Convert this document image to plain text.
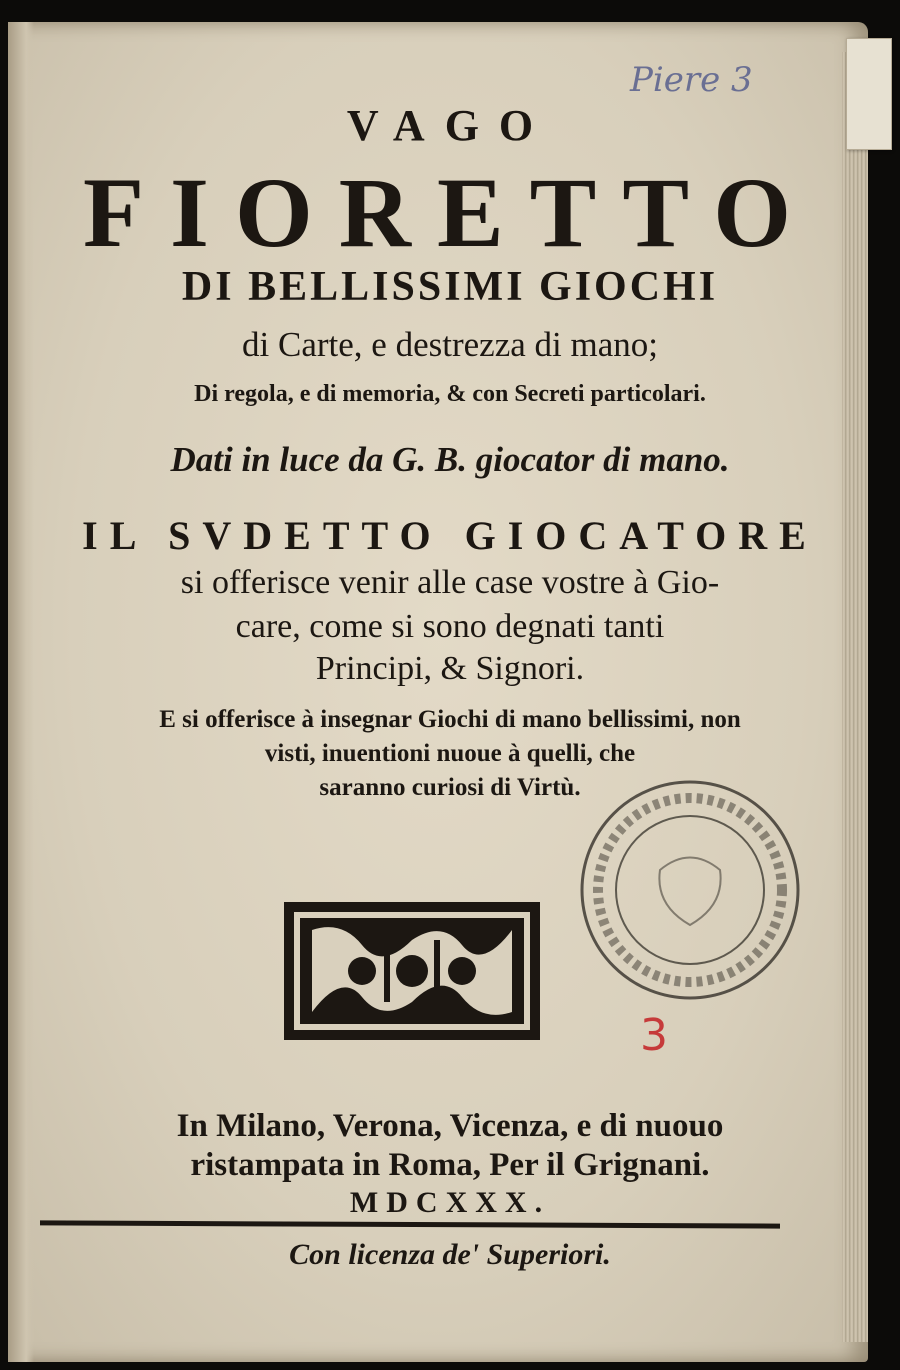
Piere 3
VAGO
FIORETTO
DI BELLISSIMI GIOCHI
di Carte, e destrezza di mano;
Di regola, e di memoria, & con Secreti particolari.
Dati in luce da G. B. giocator di mano.
IL SVDETTO GIOCATORE
si offerisce venir alle case vostre à Gio-
care, come si sono degnati tanti
Principi, & Signori.
E si offerisce à insegnar Giochi di mano bellissimi, non
visti, inuentioni nuoue à quelli, che
saranno curiosi di Virtù.
3
In Milano, Verona, Vicenza, e di nuouo
ristampata in Roma, Per il Grignani.
MDCXXX.
Con licenza de' Superiori.
